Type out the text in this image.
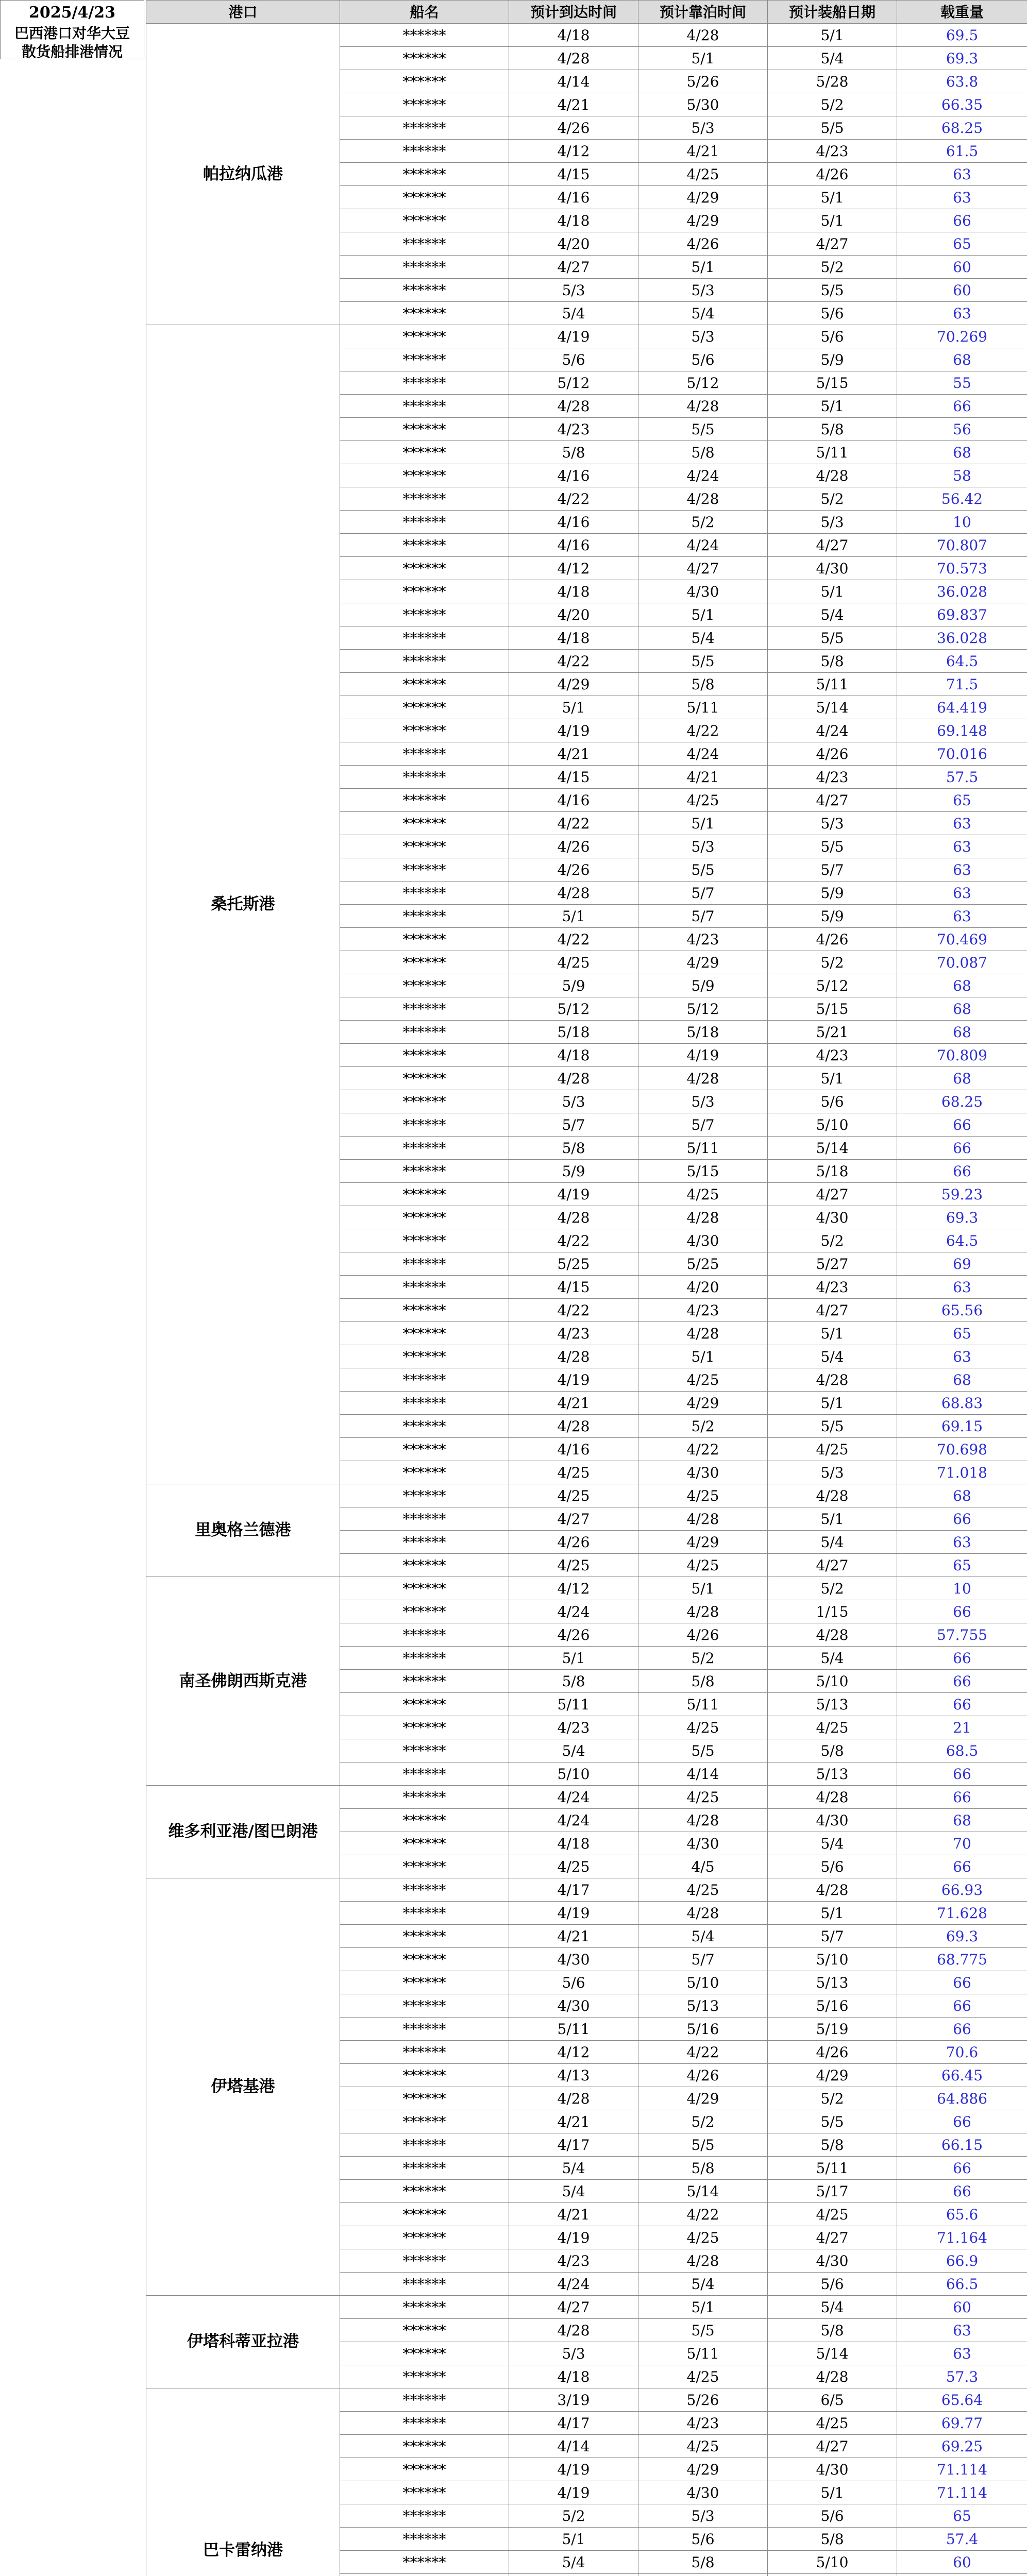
2025/4/23
巴西港口对华大豆
散货船排港情况
港口	船名	预计到达时间	预计靠泊时间	预计装船日期	载重量
帕拉纳瓜港	******	4/18	4/28	5/1	69.5
	******	4/28	5/1	5/4	69.3
	******	4/14	5/26	5/28	63.8
	******	4/21	5/30	5/2	66.35
	******	4/26	5/3	5/5	68.25
	******	4/12	4/21	4/23	61.5
	******	4/15	4/25	4/26	63
	******	4/16	4/29	5/1	63
	******	4/18	4/29	5/1	66
	******	4/20	4/26	4/27	65
	******	4/27	5/1	5/2	60
	******	5/3	5/3	5/5	60
	******	5/4	5/4	5/6	63
桑托斯港	******	4/19	5/3	5/6	70.269
	******	5/6	5/6	5/9	68
	******	5/12	5/12	5/15	55
	******	4/28	4/28	5/1	66
	******	4/23	5/5	5/8	56
	******	5/8	5/8	5/11	68
	******	4/16	4/24	4/28	58
	******	4/22	4/28	5/2	56.42
	******	4/16	5/2	5/3	10
	******	4/16	4/24	4/27	70.807
	******	4/12	4/27	4/30	70.573
	******	4/18	4/30	5/1	36.028
	******	4/20	5/1	5/4	69.837
	******	4/18	5/4	5/5	36.028
	******	4/22	5/5	5/8	64.5
	******	4/29	5/8	5/11	71.5
	******	5/1	5/11	5/14	64.419
	******	4/19	4/22	4/24	69.148
	******	4/21	4/24	4/26	70.016
	******	4/15	4/21	4/23	57.5
	******	4/16	4/25	4/27	65
	******	4/22	5/1	5/3	63
	******	4/26	5/3	5/5	63
	******	4/26	5/5	5/7	63
	******	4/28	5/7	5/9	63
	******	5/1	5/7	5/9	63
	******	4/22	4/23	4/26	70.469
	******	4/25	4/29	5/2	70.087
	******	5/9	5/9	5/12	68
	******	5/12	5/12	5/15	68
	******	5/18	5/18	5/21	68
	******	4/18	4/19	4/23	70.809
	******	4/28	4/28	5/1	68
	******	5/3	5/3	5/6	68.25
	******	5/7	5/7	5/10	66
	******	5/8	5/11	5/14	66
	******	5/9	5/15	5/18	66
	******	4/19	4/25	4/27	59.23
	******	4/28	4/28	4/30	69.3
	******	4/22	4/30	5/2	64.5
	******	5/25	5/25	5/27	69
	******	4/15	4/20	4/23	63
	******	4/22	4/23	4/27	65.56
	******	4/23	4/28	5/1	65
	******	4/28	5/1	5/4	63
	******	4/19	4/25	4/28	68
	******	4/21	4/29	5/1	68.83
	******	4/28	5/2	5/5	69.15
	******	4/16	4/22	4/25	70.698
	******	4/25	4/30	5/3	71.018
里奥格兰德港	******	4/25	4/25	4/28	68
	******	4/27	4/28	5/1	66
	******	4/26	4/29	5/4	63
	******	4/25	4/25	4/27	65
南圣佛朗西斯克港	******	4/12	5/1	5/2	10
	******	4/24	4/28	1/15	66
	******	4/26	4/26	4/28	57.755
	******	5/1	5/2	5/4	66
	******	5/8	5/8	5/10	66
	******	5/11	5/11	5/13	66
	******	4/23	4/25	4/25	21
	******	5/4	5/5	5/8	68.5
	******	5/10	4/14	5/13	66
维多利亚港/图巴朗港	******	4/24	4/25	4/28	66
	******	4/24	4/28	4/30	68
	******	4/18	4/30	5/4	70
	******	4/25	4/5	5/6	66
伊塔基港	******	4/17	4/25	4/28	66.93
	******	4/19	4/28	5/1	71.628
	******	4/21	5/4	5/7	69.3
	******	4/30	5/7	5/10	68.775
	******	5/6	5/10	5/13	66
	******	4/30	5/13	5/16	66
	******	5/11	5/16	5/19	66
	******	4/12	4/22	4/26	70.6
	******	4/13	4/26	4/29	66.45
	******	4/28	4/29	5/2	64.886
	******	4/21	5/2	5/5	66
	******	4/17	5/5	5/8	66.15
	******	5/4	5/8	5/11	66
	******	5/4	5/14	5/17	66
	******	4/21	4/22	4/25	65.6
	******	4/19	4/25	4/27	71.164
	******	4/23	4/28	4/30	66.9
	******	4/24	5/4	5/6	66.5
伊塔科蒂亚拉港	******	4/27	5/1	5/4	60
	******	4/28	5/5	5/8	63
	******	5/3	5/11	5/14	63
	******	4/18	4/25	4/28	57.3
巴卡雷纳港	******	3/19	5/26	6/5	65.64
	******	4/17	4/23	4/25	69.77
	******	4/14	4/25	4/27	69.25
	******	4/19	4/29	4/30	71.114
	******	4/19	4/30	5/1	71.114
	******	5/2	5/3	5/6	65
	******	5/1	5/6	5/8	57.4
	******	5/4	5/8	5/10	60
